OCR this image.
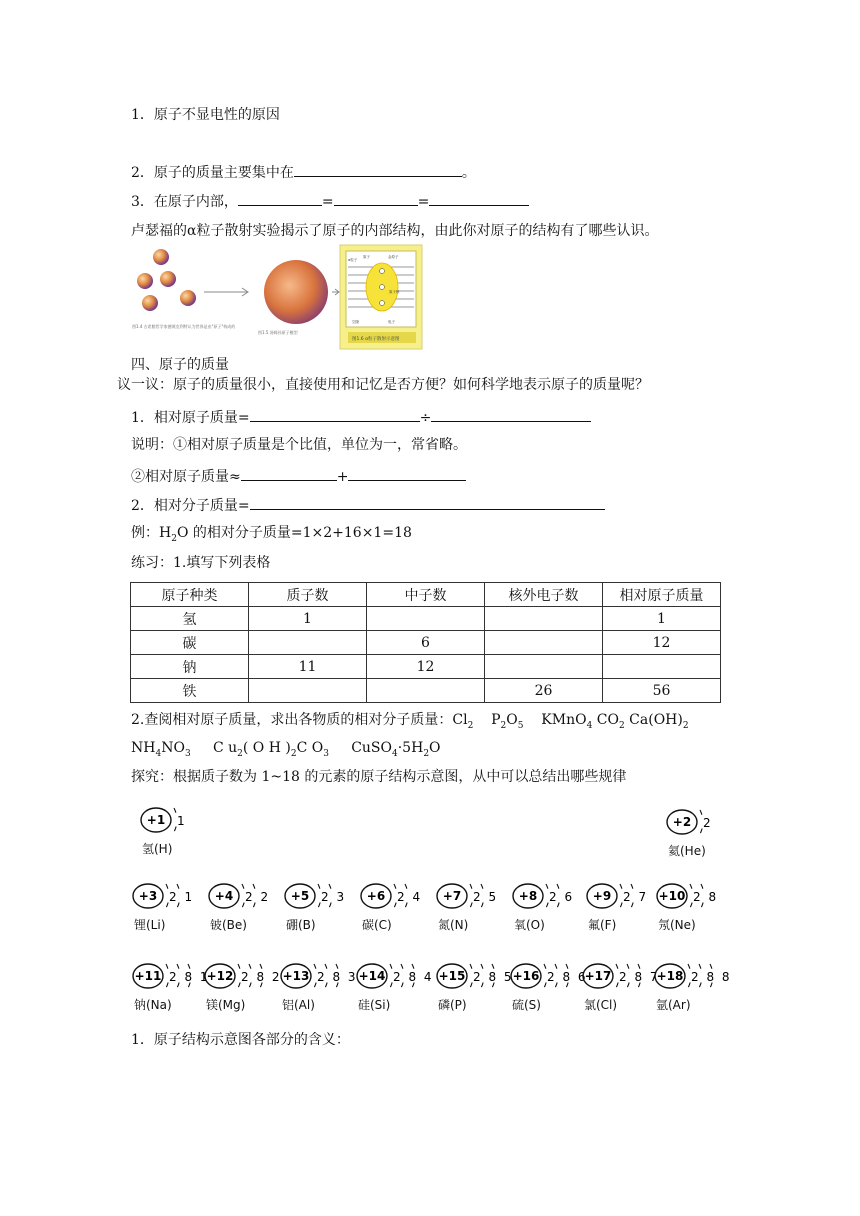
1．原子不显电性的原因
2．原子的质量主要集中在	。
3．在原子内部，	=	=
卢瑟福的α粒子散射实验揭示了原子的内部结构，由此你对原子的结构有了哪些认识。
图1.4 古希腊哲学家德谟克利特认为世界是由"原子"构成的
图1.5 汤姆孙原子模型
α粒子
原子	金原子
原子核
空隙	电子
图1.6 α粒子散射示意图
四、原子的质量
议一议：原子的质量很小，直接使用和记忆是否方便？如何科学地表示原子的质量呢？
1．相对原子质量=	÷
说明：①相对原子质量是个比值，单位为一，常省略。
②相对原子质量≈	+
2．相对分子质量=
例：$H_2O$ 的相对分子质量=1×2+16×1=18
练习：1.填写下列表格
原子种类	质子数	中子数	核外电子数	相对原子质量
氢	1			1
碳		6		12
钠	11	12		
铁			26	56
2.查阅相对原子质量，求出各物质的相对分子质量：$Cl_2$ $P_2O_5$ KMnO$_4$ $CO_2$ $Ca(OH)_2$
$NH_4NO_3$ C $u_2$( O H )$_2C$ $O_3$ $CuSO_4\cdot 5H_2O$
探究：根据质子数为 1~18 的元素的原子结构示意图，从中可以总结出哪些规律
+1 1
氢(H)
+2 2
氦(He)
+3 2 1
锂(Li)
+4 2 2
铍(Be)
+5 2 3
硼(B)
+6 2 4
碳(C)
+7 2 5
氮(N)
+8 2 6
氧(O)
+9 2 7
氟(F)
+10 2 8
氖(Ne)
+11 2 8 1
钠(Na)
+12 2 8 2
镁(Mg)
+13 2 8 3
铝(Al)
+14 2 8 4
硅(Si)
+15 2 8 5
磷(P)
+16 2 8 6
硫(S)
+17 2 8 7
氯(Cl)
+18 2 8 8
氩(Ar)
1．原子结构示意图各部分的含义：
